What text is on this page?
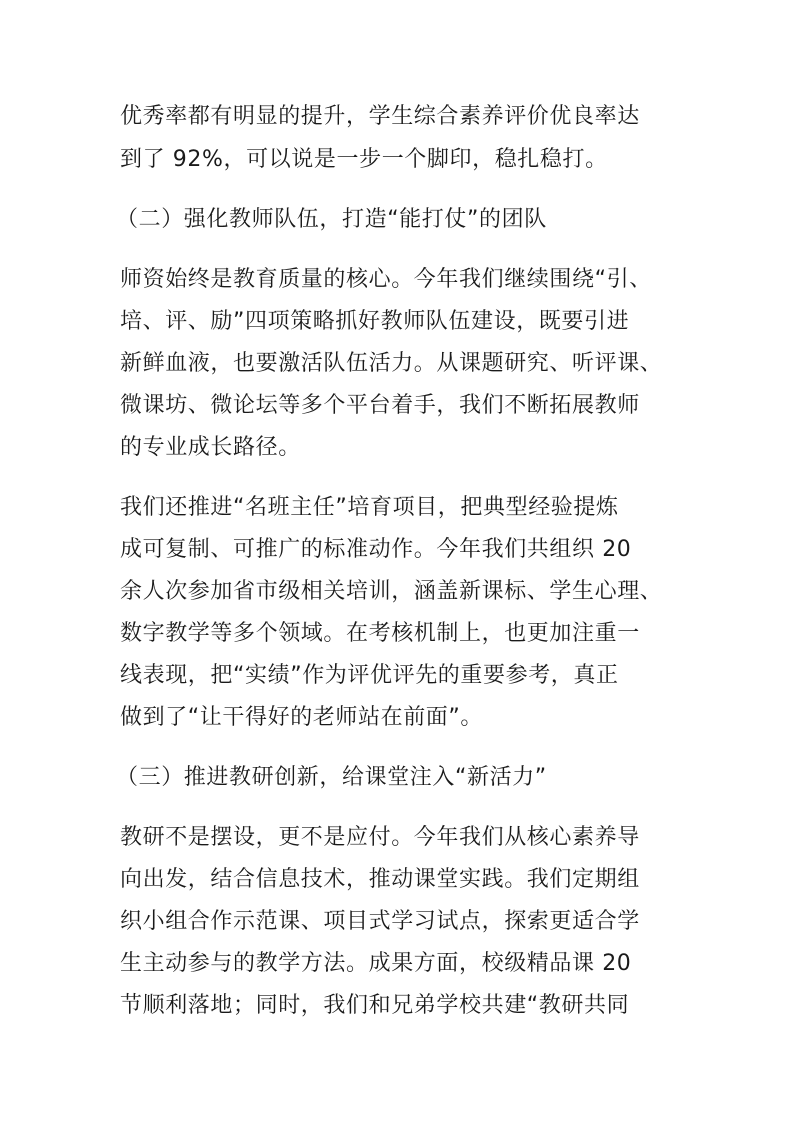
优秀率都有明显的提升，学生综合素养评价优良率达
到了 92%，可以说是一步一个脚印，稳扎稳打。
（二）强化教师队伍，打造“能打仗”的团队
师资始终是教育质量的核心。今年我们继续围绕“引、
培、评、励”四项策略抓好教师队伍建设，既要引进
新鲜血液，也要激活队伍活力。从课题研究、听评课、
微课坊、微论坛等多个平台着手，我们不断拓展教师
的专业成长路径。
我们还推进“名班主任”培育项目，把典型经验提炼
成可复制、可推广的标准动作。今年我们共组织 20
余人次参加省市级相关培训，涵盖新课标、学生心理、
数字教学等多个领域。在考核机制上，也更加注重一
线表现，把“实绩”作为评优评先的重要参考，真正
做到了“让干得好的老师站在前面”。
（三）推进教研创新，给课堂注入“新活力”
教研不是摆设，更不是应付。今年我们从核心素养导
向出发，结合信息技术，推动课堂实践。我们定期组
织小组合作示范课、项目式学习试点，探索更适合学
生主动参与的教学方法。成果方面，校级精品课 20
节顺利落地；同时，我们和兄弟学校共建“教研共同
